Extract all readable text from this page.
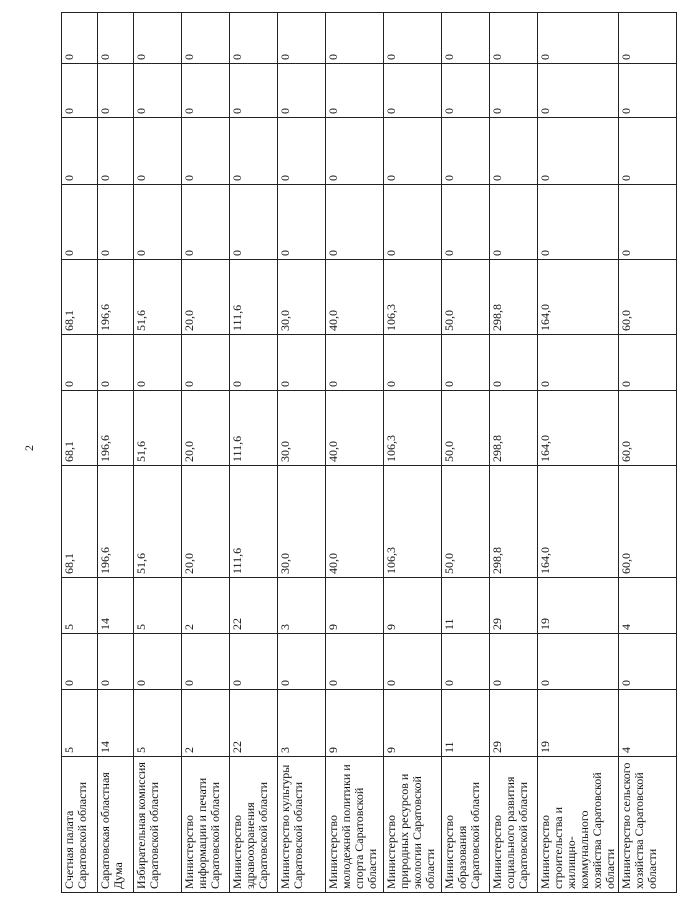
2
Счетная палата Саратовской области	5	0	5	68,1	68,1	0	68,1	0	0	0	0
Саратовская областная Дума	14	0	14	196,6	196,6	0	196,6	0	0	0	0
Избирательная комиссия Саратовской области	5	0	5	51,6	51,6	0	51,6	0	0	0	0
Министерство информации и печати Саратовской области	2	0	2	20,0	20,0	0	20,0	0	0	0	0
Министерство здравоохранения Саратовской области	22	0	22	111,6	111,6	0	111,6	0	0	0	0
Министерство культуры Саратовской области	3	0	3	30,0	30,0	0	30,0	0	0	0	0
Министерство молодежной политики и спорта Саратовской области	9	0	9	40,0	40,0	0	40,0	0	0	0	0
Министерство природных ресурсов и экологии Саратовской области	9	0	9	106,3	106,3	0	106,3	0	0	0	0
Министерство образования Саратовской области	11	0	11	50,0	50,0	0	50,0	0	0	0	0
Министерство социального развития Саратовской области	29	0	29	298,8	298,8	0	298,8	0	0	0	0
Министерство строительства и жилищно-коммунального хозяйства Саратовской области	19	0	19	164,0	164,0	0	164,0	0	0	0	0
Министерство сельского хозяйства Саратовской области	4	0	4	60,0	60,0	0	60,0	0	0	0	0
